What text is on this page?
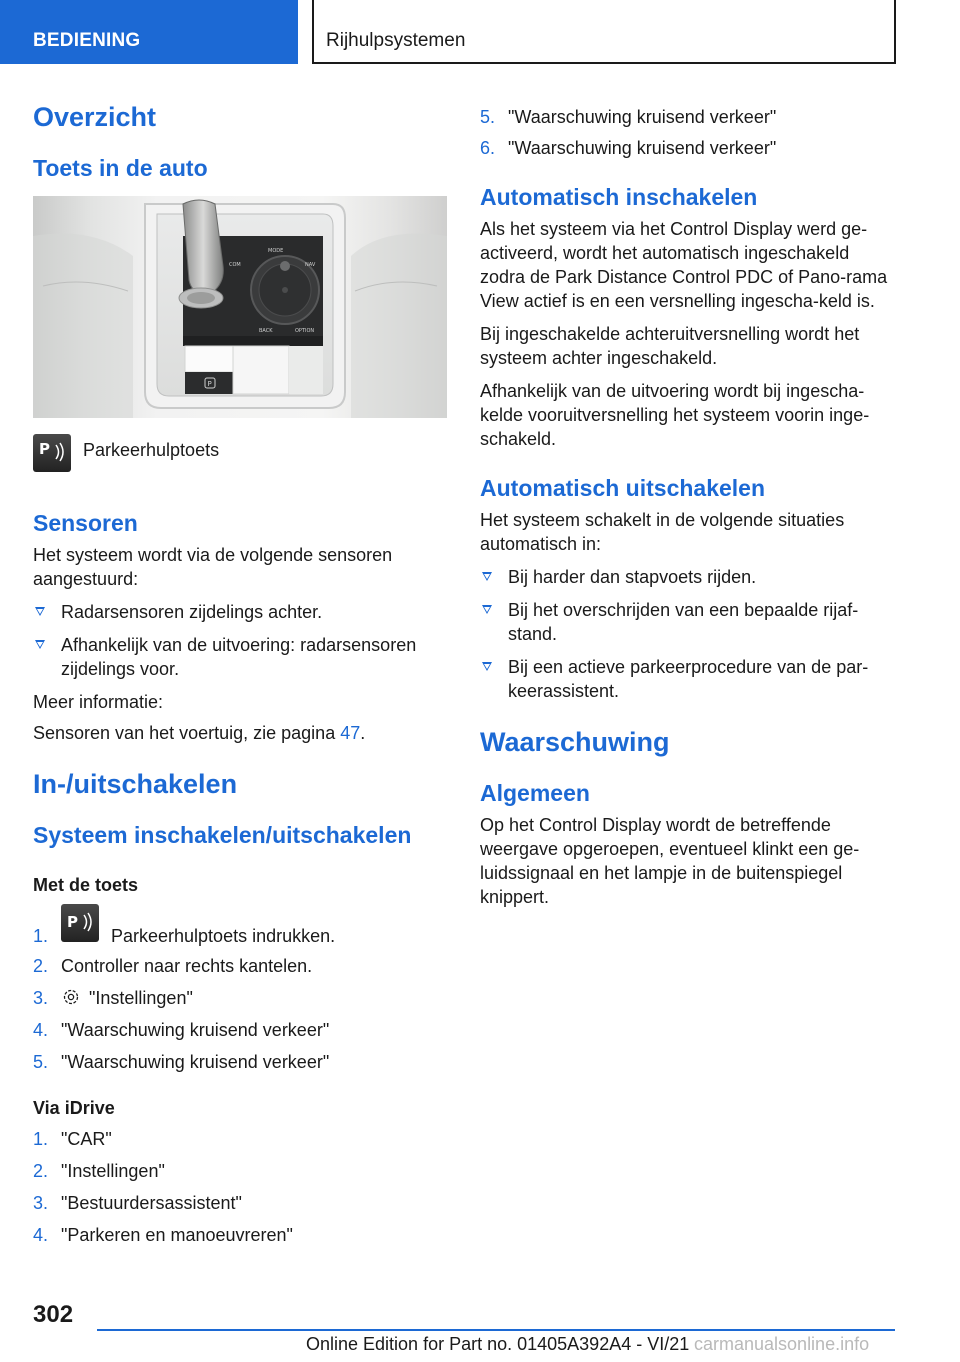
BEDIENING	Rijhulpsystemen
Overzicht
Toets in de auto
MODE
COM	NAV
BACK	OPTION
P
P Parkeerhulptoets

Sensoren

Het systeem wordt via de volgende sensoren aangestuurd:

Radarsensoren zijdelings achter.
Afhankelijk van de uitvoering: radarsensoren zijdelings voor.

Meer informatie:

Sensoren van het voertuig, zie pagina 47.

In-/uitschakelen
Systeem inschakelen/uitschakelen
Met de toets
1.
P
Parkeerhulptoets indrukken.
2. Controller naar rechts kantelen.
3. "Instellingen"
4. "Waarschuwing kruisend verkeer"
5. "Waarschuwing kruisend verkeer"
Via iDrive
1. "CAR"
2. "Instellingen"
3. "Bestuurdersassistent"
4. "Parkeren en manoeuvreren"
5. "Waarschuwing kruisend verkeer"
6. "Waarschuwing kruisend verkeer"
Automatisch inschakelen

Als het systeem via het Control Display werd ge-activeerd, wordt het automatisch ingeschakeld zodra de Park Distance Control PDC of Pano-rama View actief is en een versnelling ingescha-keld is.

Bij ingeschakelde achteruitversnelling wordt het systeem achter ingeschakeld.

Afhankelijk van de uitvoering wordt bij ingescha-kelde vooruitversnelling het systeem voorin inge-schakeld.

Automatisch uitschakelen

Het systeem schakelt in de volgende situaties automatisch in:

Bij harder dan stapvoets rijden.
Bij het overschrijden van een bepaalde rijaf-stand.
Bij een actieve parkeerprocedure van de par-keerassistent.
Waarschuwing
Algemeen

Op het Control Display wordt de betreffende weergave opgeroepen, eventueel klinkt een ge-luidssignaal en het lampje in de buitenspiegel knippert.

302
Online Edition for Part no. 01405A392A4 - VI/21 carmanualsonline.info
